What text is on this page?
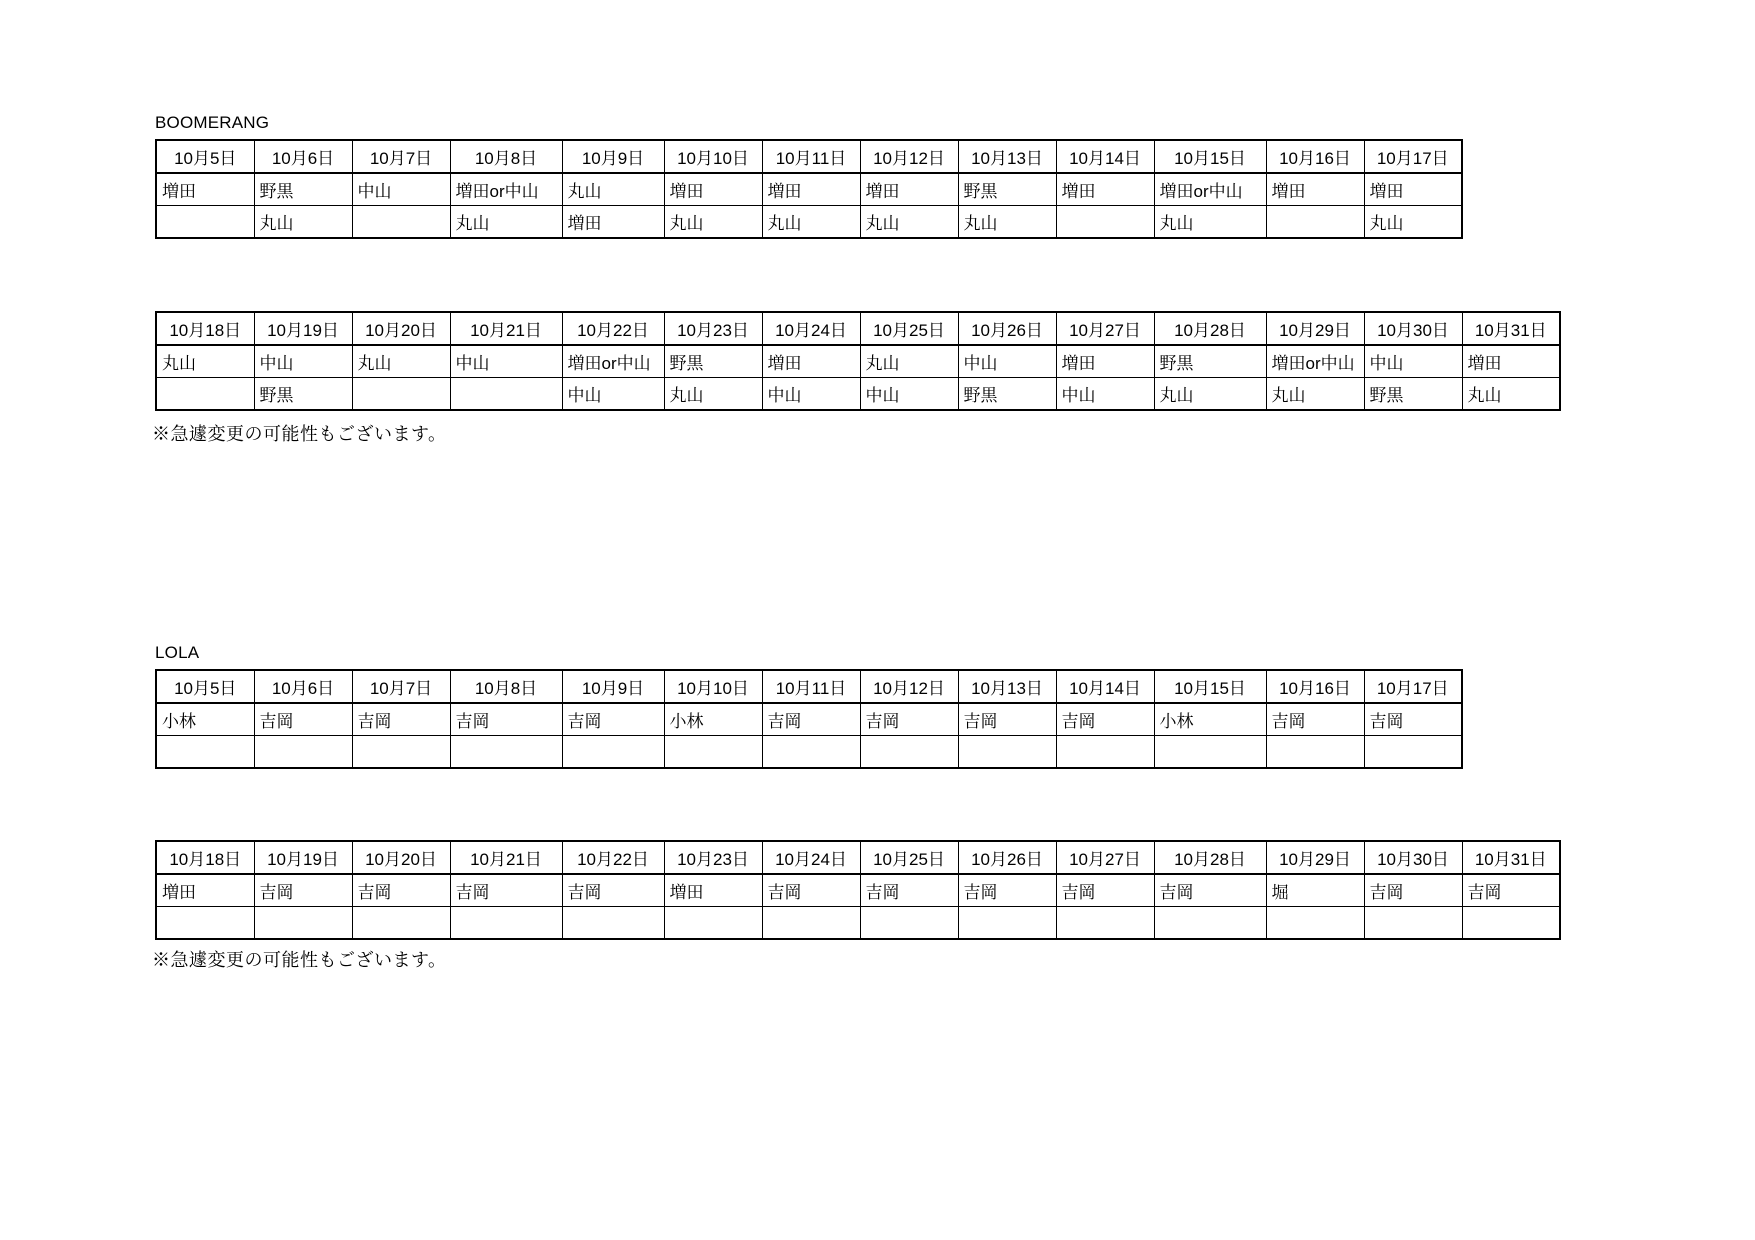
BOOMERANG
10月5日	10月6日	10月7日	10月8日	10月9日	10月10日	10月11日	10月12日	10月13日	10月14日	10月15日	10月16日	10月17日
増田	野黒	中山	増田or中山	丸山	増田	増田	増田	野黒	増田	増田or中山	増田	増田
	丸山		丸山	増田	丸山	丸山	丸山	丸山		丸山		丸山
10月18日	10月19日	10月20日	10月21日	10月22日	10月23日	10月24日	10月25日	10月26日	10月27日	10月28日	10月29日	10月30日	10月31日
丸山	中山	丸山	中山	増田or中山	野黒	増田	丸山	中山	増田	野黒	増田or中山	中山	増田
	野黒			中山	丸山	中山	中山	野黒	中山	丸山	丸山	野黒	丸山
※急遽変更の可能性もございます。
LOLA
10月5日	10月6日	10月7日	10月8日	10月9日	10月10日	10月11日	10月12日	10月13日	10月14日	10月15日	10月16日	10月17日
小林	吉岡	吉岡	吉岡	吉岡	小林	吉岡	吉岡	吉岡	吉岡	小林	吉岡	吉岡

10月18日	10月19日	10月20日	10月21日	10月22日	10月23日	10月24日	10月25日	10月26日	10月27日	10月28日	10月29日	10月30日	10月31日
増田	吉岡	吉岡	吉岡	吉岡	増田	吉岡	吉岡	吉岡	吉岡	吉岡	堀	吉岡	吉岡

※急遽変更の可能性もございます。
